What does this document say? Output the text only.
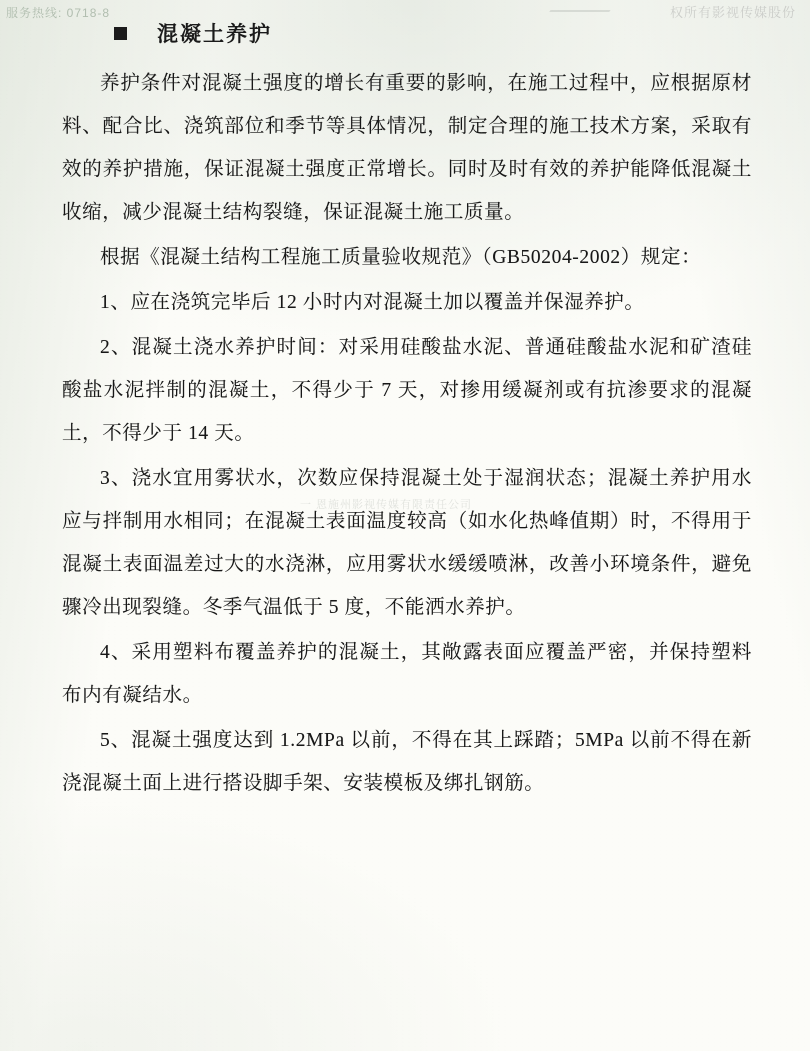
服务热线: 0718-8	权所有影视传媒股份
一 恩施州影视传媒有限责任公司
混凝土养护

养护条件对混凝土强度的增长有重要的影响，在施工过程中，应根据原材料、配合比、浇筑部位和季节等具体情况，制定合理的施工技术方案，采取有效的养护措施，保证混凝土强度正常增长。同时及时有效的养护能降低混凝土收缩，减少混凝土结构裂缝，保证混凝土施工质量。

根据《混凝土结构工程施工质量验收规范》（GB50204-2002）规定：

1、应在浇筑完毕后 12 小时内对混凝土加以覆盖并保湿养护。

2、混凝土浇水养护时间：对采用硅酸盐水泥、普通硅酸盐水泥和矿渣硅酸盐水泥拌制的混凝土，不得少于 7 天，对掺用缓凝剂或有抗渗要求的混凝土，不得少于 14 天。

3、浇水宜用雾状水，次数应保持混凝土处于湿润状态；混凝土养护用水应与拌制用水相同；在混凝土表面温度较高（如水化热峰值期）时，不得用于混凝土表面温差过大的水浇淋，应用雾状水缓缓喷淋，改善小环境条件，避免骤冷出现裂缝。冬季气温低于 5 度，不能洒水养护。

4、采用塑料布覆盖养护的混凝土，其敞露表面应覆盖严密，并保持塑料布内有凝结水。

5、混凝土强度达到 1.2MPa 以前，不得在其上踩踏；5MPa 以前不得在新浇混凝土面上进行搭设脚手架、安装模板及绑扎钢筋。
